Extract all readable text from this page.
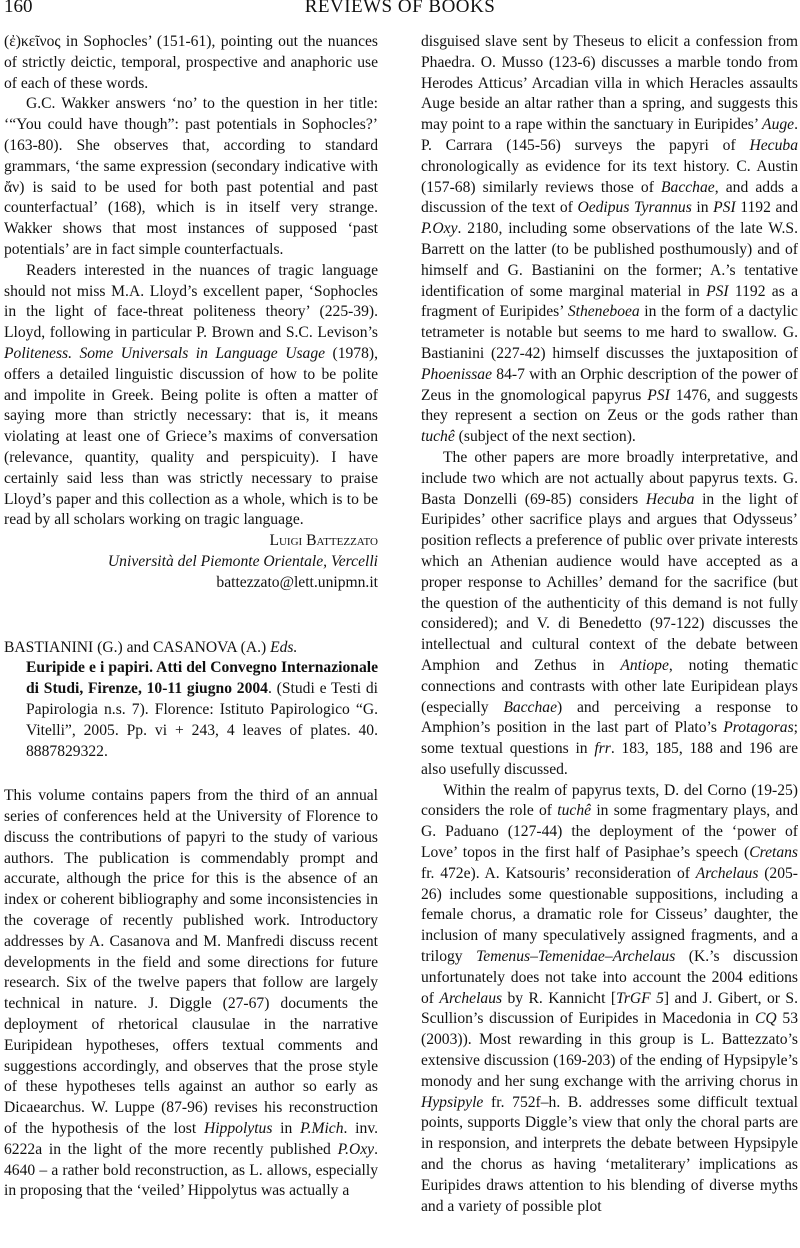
160	REVIEWS OF BOOKS

(ἐ)κεῖνος in Sophocles’ (151-61), pointing out the nuances of strictly deictic, temporal, prospective and anaphoric use of each of these words.

G.C. Wakker answers ‘no’ to the question in her title: ‘“You could have though”: past potentials in Sophocles?’ (163-80). She observes that, according to standard grammars, ‘the same expression (secondary indicative with ἄν) is said to be used for both past potential and past counterfactual’ (168), which is in itself very strange. Wakker shows that most instances of supposed ‘past potentials’ are in fact simple counterfactuals.

Readers interested in the nuances of tragic language should not miss M.A. Lloyd’s excellent paper, ‘Sophocles in the light of face-threat politeness theory’ (225-39). Lloyd, following in particular P. Brown and S.C. Levison’s Politeness. Some Universals in Language Usage (1978), offers a detailed linguistic discussion of how to be polite and impolite in Greek. Being polite is often a matter of saying more than strictly necessary: that is, it means violating at least one of Griece’s maxims of conversation (relevance, quantity, quality and perspicuity). I have certainly said less than was strictly necessary to praise Lloyd’s paper and this collection as a whole, which is to be read by all scholars working on tragic language.

Luigi Battezzato

Università del Piemonte Orientale, Vercelli

battezzato@lett.unipmn.it

BASTIANINI (G.) and CASANOVA (A.) Eds.

Euripide e i papiri. Atti del Convegno Internazionale di Studi, Firenze, 10-11 giugno 2004. (Studi e Testi di Papirologia n.s. 7). Florence: Istituto Papirologico “G. Vitelli”, 2005. Pp. vi + 243, 4 leaves of plates. 40. 8887829322.

This volume contains papers from the third of an annual series of conferences held at the University of Florence to discuss the contributions of papyri to the study of various authors. The publication is commendably prompt and accurate, although the price for this is the absence of an index or coherent bibliography and some inconsistencies in the coverage of recently published work. Introductory addresses by A. Casanova and M. Manfredi discuss recent developments in the field and some directions for future research. Six of the twelve papers that follow are largely technical in nature. J. Diggle (27-67) documents the deployment of rhetorical clausulae in the narrative Euripidean hypotheses, offers textual comments and suggestions accordingly, and observes that the prose style of these hypotheses tells against an author so early as Dicaearchus. W. Luppe (87-96) revises his reconstruction of the hypothesis of the lost Hippolytus in P.Mich. inv. 6222a in the light of the more recently published P.Oxy. 4640 – a rather bold reconstruction, as L. allows, especially in proposing that the ‘veiled’ Hippolytus was actually a

disguised slave sent by Theseus to elicit a confession from Phaedra. O. Musso (123-6) discusses a marble tondo from Herodes Atticus’ Arcadian villa in which Heracles assaults Auge beside an altar rather than a spring, and suggests this may point to a rape within the sanctuary in Euripides’ Auge. P. Carrara (145-56) surveys the papyri of Hecuba chronologically as evidence for its text history. C. Austin (157-68) similarly reviews those of Bacchae, and adds a discussion of the text of Oedipus Tyrannus in PSI 1192 and P.Oxy. 2180, including some observations of the late W.S. Barrett on the latter (to be published posthumously) and of himself and G. Bastianini on the former; A.’s tentative identification of some marginal material in PSI 1192 as a fragment of Euripides’ Stheneboea in the form of a dactylic tetrameter is notable but seems to me hard to swallow. G. Bastianini (227-42) himself discusses the juxtaposition of Phoenissae 84-7 with an Orphic description of the power of Zeus in the gnomological papyrus PSI 1476, and suggests they represent a section on Zeus or the gods rather than tuchê (subject of the next section).

The other papers are more broadly interpretative, and include two which are not actually about papyrus texts. G. Basta Donzelli (69-85) considers Hecuba in the light of Euripides’ other sacrifice plays and argues that Odysseus’ position reflects a preference of public over private interests which an Athenian audience would have accepted as a proper response to Achilles’ demand for the sacrifice (but the question of the authenticity of this demand is not fully considered); and V. di Benedetto (97-122) discusses the intellectual and cultural context of the debate between Amphion and Zethus in Antiope, noting thematic connections and contrasts with other late Euripidean plays (especially Bacchae) and perceiving a response to Amphion’s position in the last part of Plato’s Protagoras; some textual questions in frr. 183, 185, 188 and 196 are also usefully discussed.

Within the realm of papyrus texts, D. del Corno (19-25) considers the role of tuchê in some fragmentary plays, and G. Paduano (127-44) the deployment of the ‘power of Love’ topos in the first half of Pasiphae’s speech (Cretans fr. 472e). A. Katsouris’ reconsideration of Archelaus (205-26) includes some questionable suppositions, including a female chorus, a dramatic role for Cisseus’ daughter, the inclusion of many speculatively assigned fragments, and a trilogy Temenus–Temenidae–Archelaus (K.’s discussion unfortunately does not take into account the 2004 editions of Archelaus by R. Kannicht [TrGF 5] and J. Gibert, or S. Scullion’s discussion of Euripides in Macedonia in CQ 53 (2003)). Most rewarding in this group is L. Battezzato’s extensive discussion (169-203) of the ending of Hypsipyle’s monody and her sung exchange with the arriving chorus in Hypsipyle fr. 752f–h. B. addresses some difficult textual points, supports Diggle’s view that only the choral parts are in responsion, and interprets the debate between Hypsipyle and the chorus as having ‘metaliterary’ implications as Euripides draws attention to his blending of diverse myths and a variety of possible plot
